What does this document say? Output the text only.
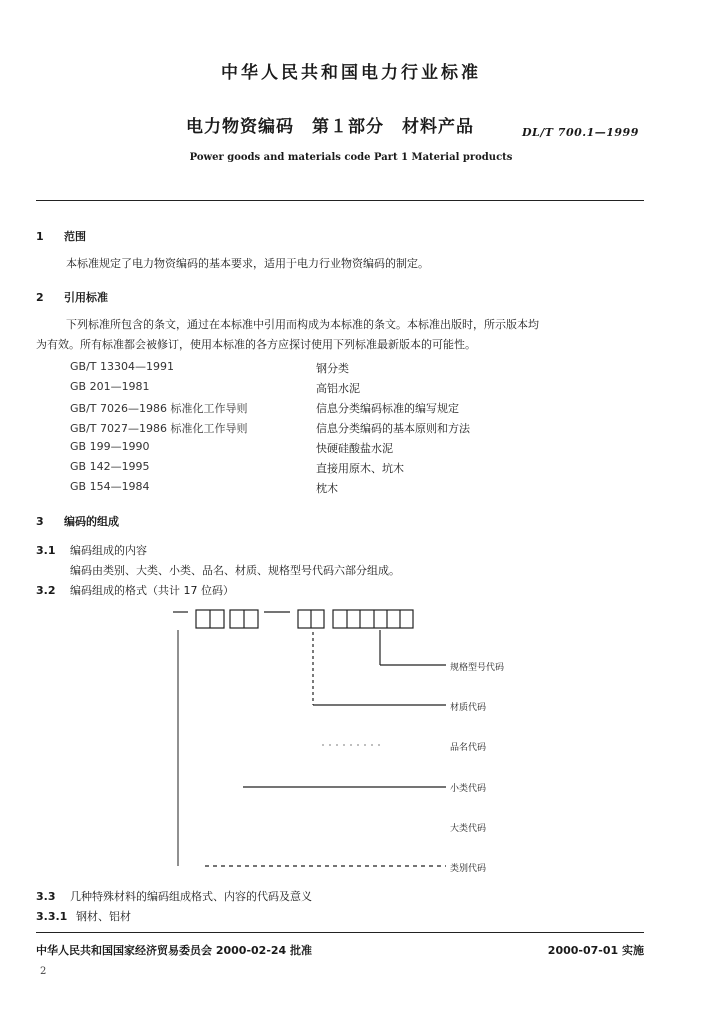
中华人民共和国电力行业标准
电力物资编码　第１部分　材料产品	DL/T 700.1—1999
Power goods and materials code Part 1 Material products
1 范围
本标准规定了电力物资编码的基本要求，适用于电力行业物资编码的制定。
2 引用标准
下列标准所包含的条文，通过在本标准中引用而构成为本标准的条文。本标准出版时，所示版本均
为有效。所有标准都会被修订，使用本标准的各方应探讨使用下列标准最新版本的可能性。
GB/T 13304—1991	钢分类
GB 201—1981	高铝水泥
GB/T 7026—1986 标准化工作导则	信息分类编码标准的编写规定
GB/T 7027—1986 标准化工作导则	信息分类编码的基本原则和方法
GB 199—1990	快硬硅酸盐水泥
GB 142—1995	直接用原木、坑木
GB 154—1984	枕木
3 编码的组成
3.1 编码组成的内容
编码由类别、大类、小类、品名、材质、规格型号代码六部分组成。
3.2 编码组成的格式（共计 17 位码）
规格型号代码
材质代码
品名代码
小类代码
大类代码
类别代码
3.3 几种特殊材料的编码组成格式、内容的代码及意义
3.3.1 钢材、铝材
中华人民共和国国家经济贸易委员会 2000-02-24 批准	2000-07-01 实施
2
